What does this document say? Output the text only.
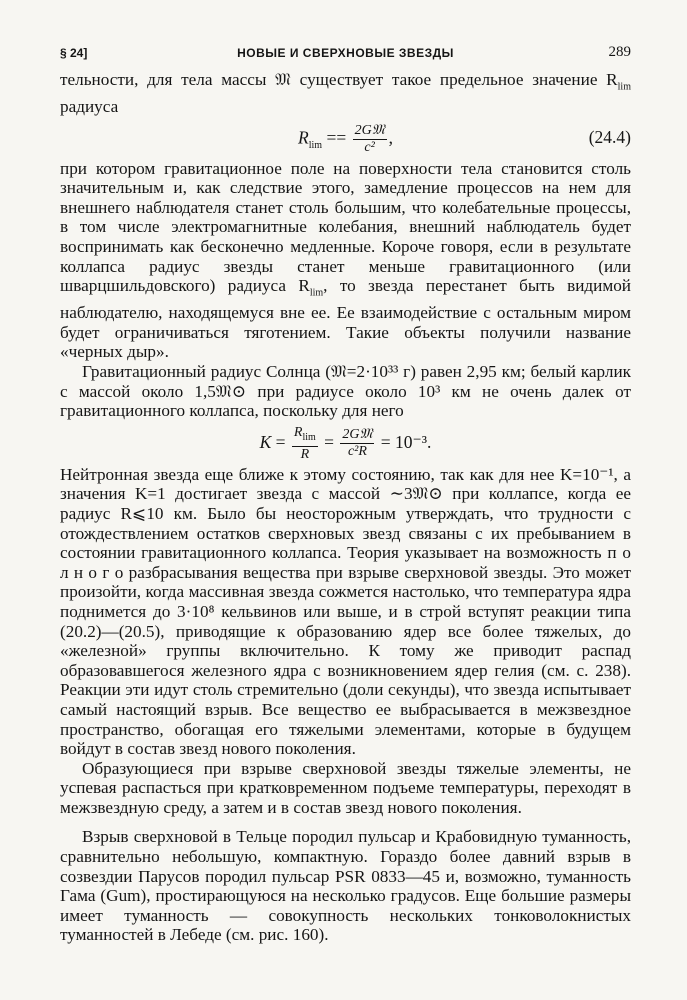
§ 24]	НОВЫЕ И СВЕРХНОВЫЕ ЗВЕЗДЫ	289

тельности, для тела массы 𝔐 существует такое предельное значение $R_{lim}$ радиуса

$R_{lim} == \frac{\text{2G𝔐}}{\text{c²}}$ ,	(24.4)

при котором гравитационное поле на поверхности тела становится столь значительным и, как следствие этого, замедление процессов на нем для внешнего наблюдателя станет столь большим, что колебательные процессы, в том числе электромагнитные колебания, внешний наблюдатель будет воспринимать как бесконечно медленные. Короче говоря, если в результате коллапса радиус звезды станет меньше гравитационного (или шварцшильдовского) радиуса $R_{lim}$, то звезда перестанет быть видимой наблюдателю, находящемуся вне ее. Ее взаимодействие с остальным миром будет ограничиваться тяготением. Такие объекты получили название «черных дыр».

Гравитационный радиус Солнца (𝔐=2·10³³ г) равен 2,95 км; белый карлик с массой около 1,5𝔐⊙ при радиусе около 10³ км не очень далек от гравитационного коллапса, поскольку для него

$K = \frac{R_{lim}}{R} = \frac{\text{2G𝔐}}{\text{c²R}} = 10^{-3}$.

Нейтронная звезда еще ближе к этому состоянию, так как для нее K=10⁻¹, а значения K=1 достигает звезда с массой ∼3𝔐⊙ при коллапсе, когда ее радиус R⩽10 км. Было бы неосторожным утверждать, что трудности с отождествлением остатков сверхновых звезд связаны с их пребыванием в состоянии гравитационного коллапса. Теория указывает на возможность п о л н о г о разбрасывания вещества при взрыве сверхновой звезды. Это может произойти, когда массивная звезда сожмется настолько, что температура ядра поднимется до 3·10⁸ кельвинов или выше, и в строй вступят реакции типа (20.2)—(20.5), приводящие к образованию ядер все более тяжелых, до «железной» группы включительно. К тому же приводит распад образовавшегося железного ядра с возникновением ядер гелия (см. с. 238). Реакции эти идут столь стремительно (доли секунды), что звезда испытывает самый настоящий взрыв. Все вещество ее выбрасывается в межзвездное пространство, обогащая его тяжелыми элементами, которые в будущем войдут в состав звезд нового поколения.

Образующиеся при взрыве сверхновой звезды тяжелые элементы, не успевая распасться при кратковременном подъеме температуры, переходят в межзвездную среду, а затем и в состав звезд нового поколения.

Взрыв сверхновой в Тельце породил пульсар и Крабовидную туманность, сравнительно небольшую, компактную. Гораздо более давний взрыв в созвездии Парусов породил пульсар PSR 0833—45 и, возможно, туманность Гама (Gum), простирающуюся на несколько градусов. Еще большие размеры имеет туманность — совокупность нескольких тонковолокнистых туманностей в Лебеде (см. рис. 160).
